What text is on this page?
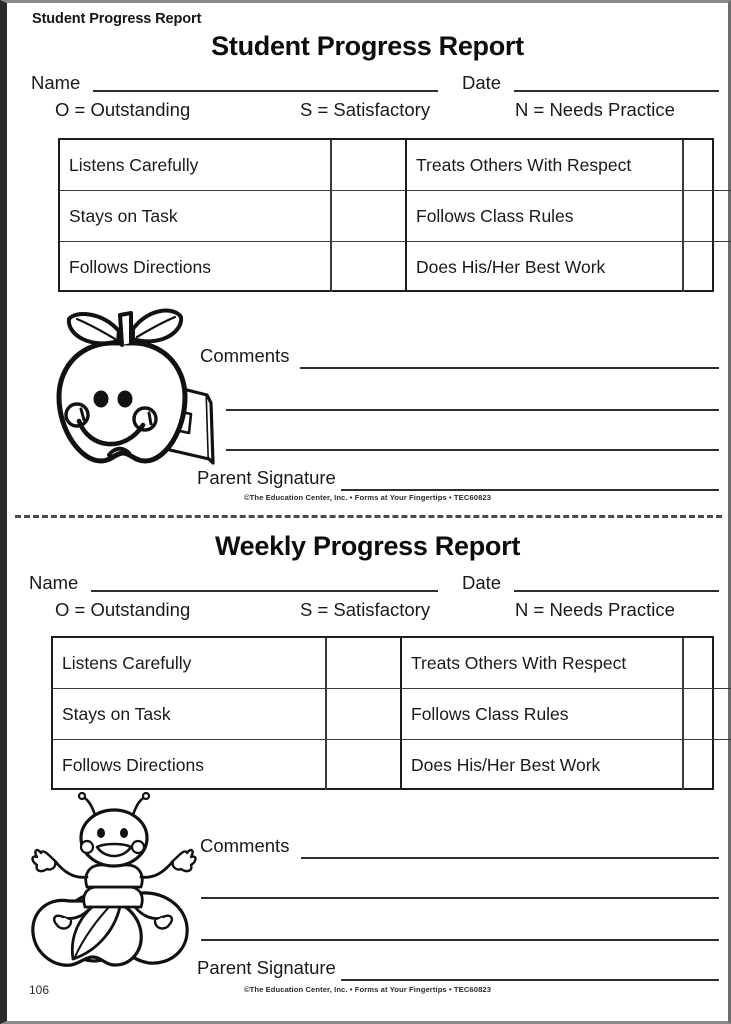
Student Progress Report
Student Progress Report
Name	Date
O = Outstanding	S = Satisfactory	N = Needs Practice
Listens Carefully		Treats Others With Respect	
Stays on Task		Follows Class Rules	
Follows Directions		Does His/Her Best Work	
Comments
Parent Signature
©The Education Center, Inc. • Forms at Your Fingertips • TEC60823
Weekly Progress Report
Name	Date
O = Outstanding	S = Satisfactory	N = Needs Practice
Listens Carefully		Treats Others With Respect	
Stays on Task		Follows Class Rules	
Follows Directions		Does His/Her Best Work	
Comments
Parent Signature
106	©The Education Center, Inc. • Forms at Your Fingertips • TEC60823
